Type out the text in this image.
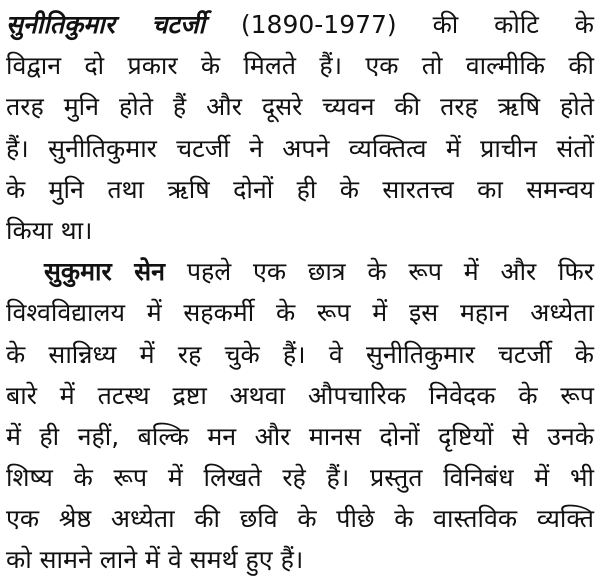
सुनीतिकुमार चटर्जी (1890-1977) की कोटि के
विद्वान दो प्रकार के मिलते हैं। एक तो वाल्मीकि की
तरह मुनि होते हैं और दूसरे च्यवन की तरह ऋषि होते
हैं। सुनीतिकुमार चटर्जी ने अपने व्यक्तित्व में प्राचीन संतों
के मुनि तथा ऋषि दोनों ही के सारतत्त्व का समन्वय
किया था।
सुकुमार सेन पहले एक छात्र के रूप में और फिर
विश्वविद्यालय में सहकर्मी के रूप में इस महान अध्येता
के सान्निध्य में रह चुके हैं। वे सुनीतिकुमार चटर्जी के
बारे में तटस्थ द्रष्टा अथवा औपचारिक निवेदक के रूप
में ही नहीं, बल्कि मन और मानस दोनों दृष्टियों से उनके
शिष्य के रूप में लिखते रहे हैं। प्रस्तुत विनिबंध में भी
एक श्रेष्ठ अध्येता की छवि के पीछे के वास्तविक व्यक्ति
को सामने लाने में वे समर्थ हुए हैं।
